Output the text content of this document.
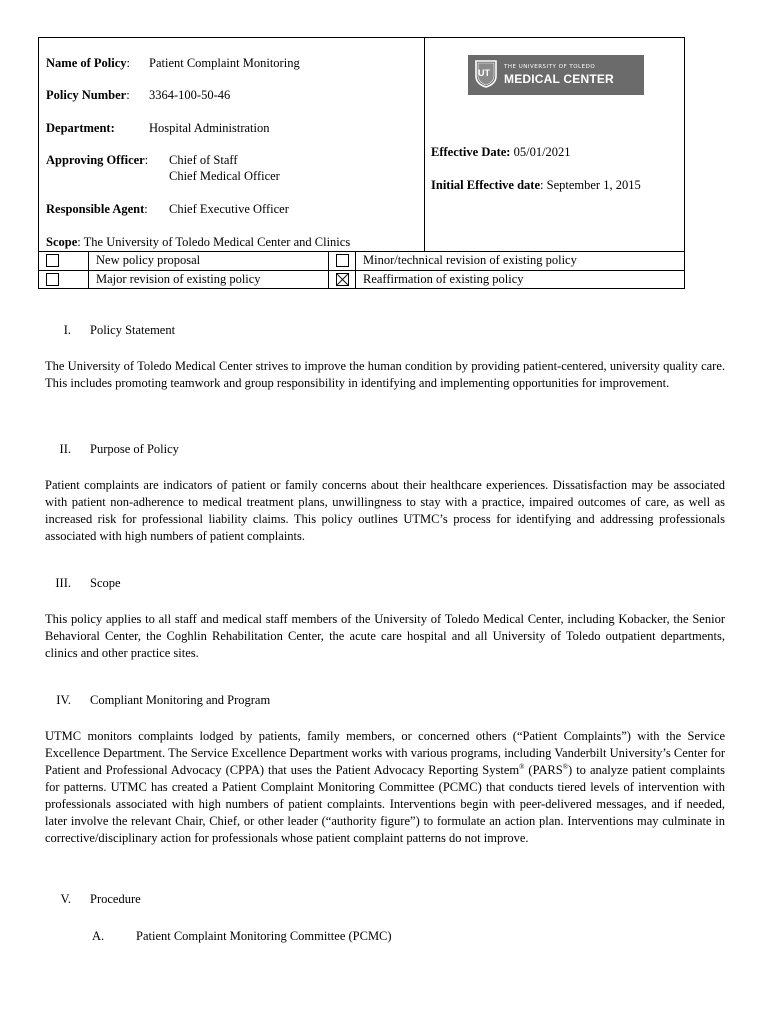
Name of Policy: Patient Complaint Monitoring
Policy Number: 3364-100-50-46
Department:	Hospital Administration
Approving Officer: Chief of Staff
Chief Medical Officer
Responsible Agent: Chief Executive Officer
Scope: The University of Toledo Medical Center and Clinics
UT
THE UNIVERSITY OF TOLEDO
MEDICAL CENTER
Effective Date: 05/01/2021
Initial Effective date: September 1, 2015
New policy proposal	Minor/technical revision of existing policy
Major revision of existing policy	Reaffirmation of existing policy
I. Policy Statement
The University of Toledo Medical Center strives to improve the human condition by providing patient-centered, university quality care. This includes promoting teamwork and group responsibility in identifying and implementing opportunities for improvement.
II. Purpose of Policy
Patient complaints are indicators of patient or family concerns about their healthcare experiences. Dissatisfaction may be associated with patient non-adherence to medical treatment plans, unwillingness to stay with a practice, impaired outcomes of care, as well as increased risk for professional liability claims. This policy outlines UTMC’s process for identifying and addressing professionals associated with high numbers of patient complaints.
III. Scope
This policy applies to all staff and medical staff members of the University of Toledo Medical Center, including Kobacker, the Senior Behavioral Center, the Coghlin Rehabilitation Center, the acute care hospital and all University of Toledo outpatient departments, clinics and other practice sites.
IV. Compliant Monitoring and Program
UTMC monitors complaints lodged by patients, family members, or concerned others (“Patient Complaints”) with the Service Excellence Department. The Service Excellence Department works with various programs, including Vanderbilt University’s Center for Patient and Professional Advocacy (CPPA) that uses the Patient Advocacy Reporting System® (PARS®) to analyze patient complaints for patterns. UTMC has created a Patient Complaint Monitoring Committee (PCMC) that conducts tiered levels of intervention with professionals associated with high numbers of patient complaints. Interventions begin with peer-delivered messages, and if needed, later involve the relevant Chair, Chief, or other leader (“authority figure”) to formulate an action plan. Interventions may culminate in corrective/disciplinary action for professionals whose patient complaint patterns do not improve.
V. Procedure
A.	Patient Complaint Monitoring Committee (PCMC)
